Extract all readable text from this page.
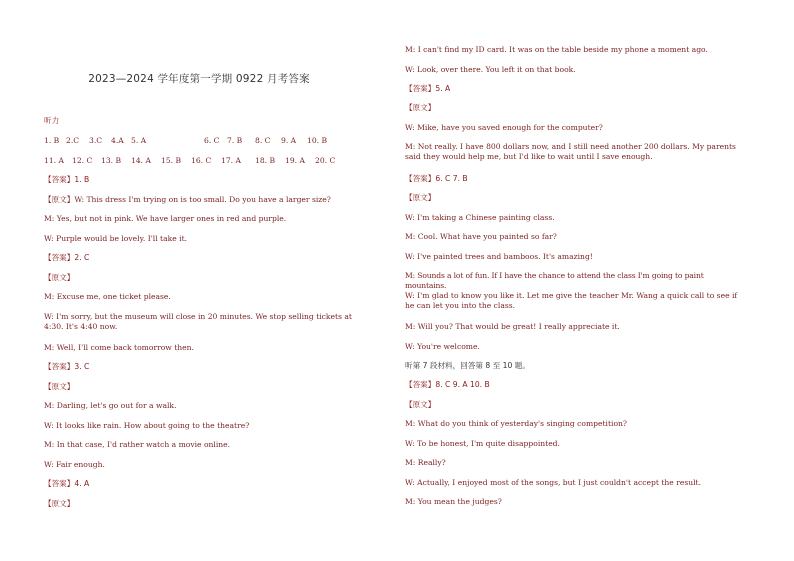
2023—2024 学年度第一学期 0922 月考答案
听力
1. B 2.C	3.C	4.A 5. A	6. C 7. B	8. C	9. A	10. B
11. A	12. C	13. B	14. A	15. B	16. C	17. A	18. B	19. A	20. C
【答案】1. B
【原文】W: This dress I'm trying on is too small. Do you have a larger size?
M: Yes, but not in pink. We have larger ones in red and purple.
W: Purple would be lovely. I'll take it.
【答案】2. C
【原文】
M: Excuse me, one ticket please.
W: I'm sorry, but the museum will close in 20 minutes. We stop selling tickets at 4:30. It's 4:40 now.
M: Well, I'll come back tomorrow then.
【答案】3. C
【原文】
M: Darling, let's go out for a walk.
W: It looks like rain. How about going to the theatre?
M: In that case, I'd rather watch a movie online.
W: Fair enough.
【答案】4. A
【原文】
M: I can't find my ID card. It was on the table beside my phone a moment ago.
W: Look, over there. You left it on that book.
【答案】5. A
【原文】
W: Mike, have you saved enough for the computer?
M: Not really. I have 800 dollars now, and I still need another 200 dollars. My parents said they would help me, but I'd like to wait until I save enough.
【答案】6. C 7. B
【原文】
W: I'm taking a Chinese painting class.
M: Cool. What have you painted so far?
W: I've painted trees and bamboos. It's amazing!
M: Sounds a lot of fun. If I have the chance to attend the class I'm going to paint mountains.
W: I'm glad to know you like it. Let me give the teacher Mr. Wang a quick call to see if he can let you into the class.
M: Will you? That would be great! I really appreciate it.
W: You're welcome.
听第 7 段材料，回答第 8 至 10 题。
【答案】8. C 9. A 10. B
【原文】
M: What do you think of yesterday's singing competition?
W: To be honest, I'm quite disappointed.
M: Really?
W: Actually, I enjoyed most of the songs, but I just couldn't accept the result.
M: You mean the judges?
